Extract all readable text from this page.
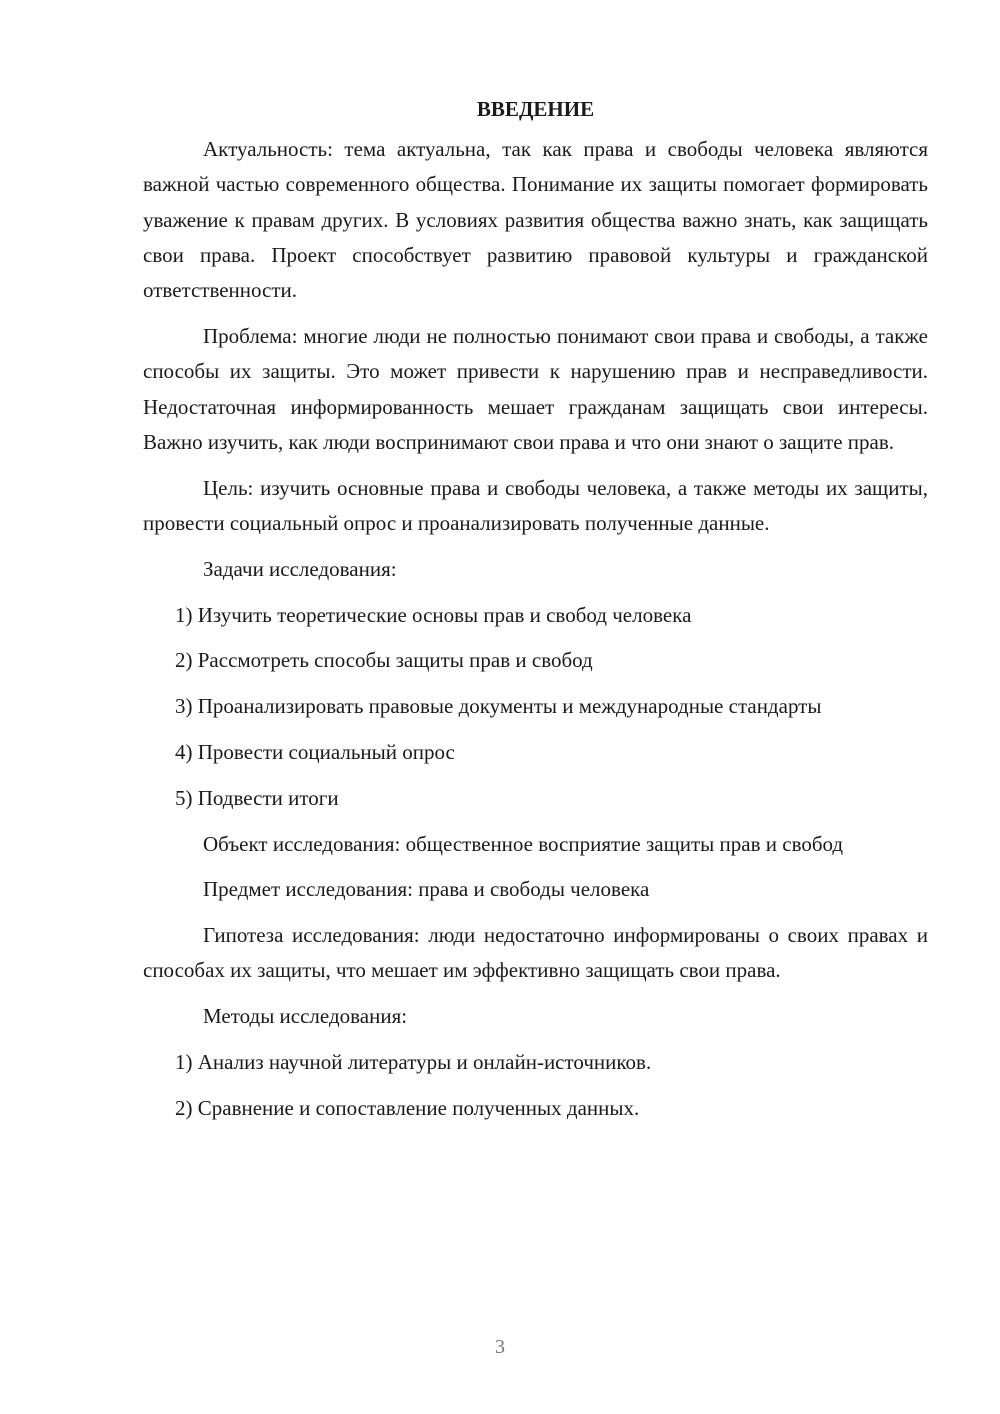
ВВЕДЕНИЕ

Актуальность: тема актуальна, так как права и свободы человека являются важной частью современного общества. Понимание их защиты помогает формировать уважение к правам других. В условиях развития общества важно знать, как защищать свои права. Проект способствует развитию правовой культуры и гражданской ответственности.

Проблема: многие люди не полностью понимают свои права и свободы, а также способы их защиты. Это может привести к нарушению прав и несправедливости. Недостаточная информированность мешает гражданам защищать свои интересы. Важно изучить, как люди воспринимают свои права и что они знают о защите прав.

Цель: изучить основные права и свободы человека, а также методы их защиты, провести социальный опрос и проанализировать полученные данные.

Задачи исследования:

1) Изучить теоретические основы прав и свобод человека

2) Рассмотреть способы защиты прав и свобод

3) Проанализировать правовые документы и международные стандарты

4) Провести социальный опрос

5) Подвести итоги

Объект исследования: общественное восприятие защиты прав и свобод

Предмет исследования: права и свободы человека

Гипотеза исследования: люди недостаточно информированы о своих правах и способах их защиты, что мешает им эффективно защищать свои права.

Методы исследования:

1) Анализ научной литературы и онлайн-источников.

2) Сравнение и сопоставление полученных данных.

3
